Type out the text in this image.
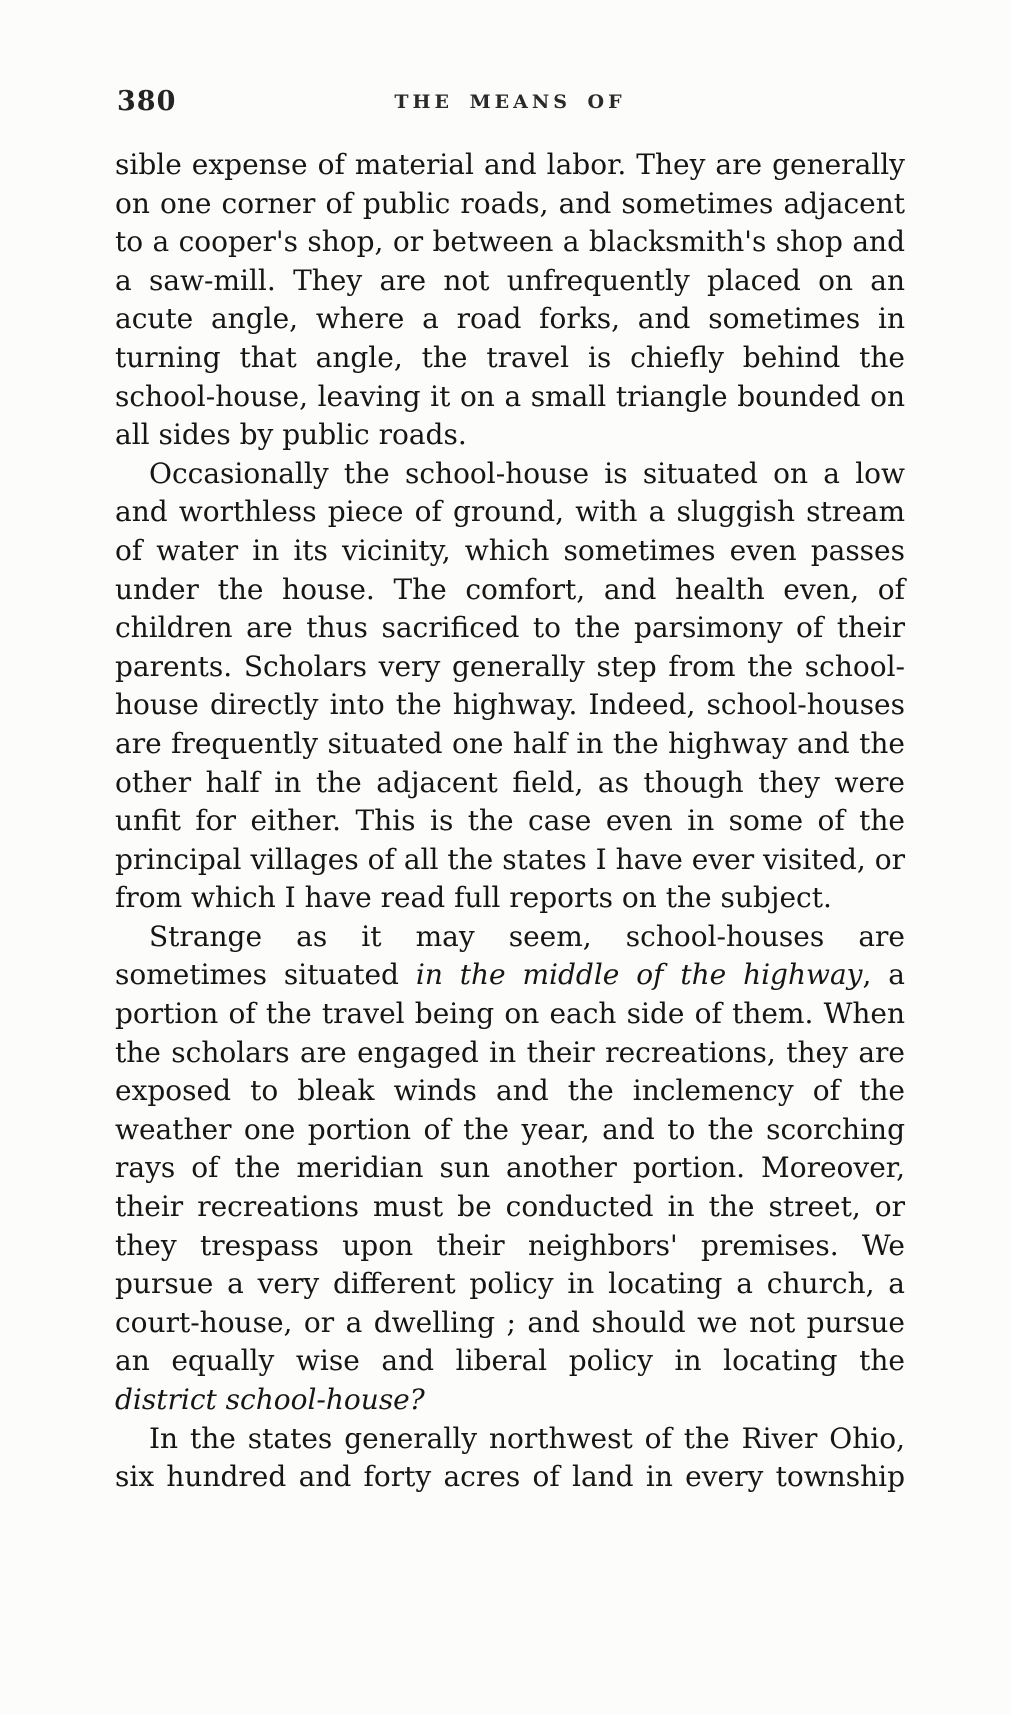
380	THE MEANS OF
sible expense of material and labor. They are generally on one corner of public roads, and sometimes adjacent to a cooper's shop, or between a blacksmith's shop and a saw-mill. They are not unfrequently placed on an acute angle, where a road forks, and sometimes in turning that angle, the travel is chiefly behind the school-house, leaving it on a small triangle bounded on all sides by public roads.
Occasionally the school-house is situated on a low and worthless piece of ground, with a sluggish stream of water in its vicinity, which sometimes even passes under the house. The comfort, and health even, of children are thus sacrificed to the parsimony of their parents. Scholars very generally step from the school-house directly into the highway. Indeed, school-houses are frequently situated one half in the highway and the other half in the adjacent field, as though they were unfit for either. This is the case even in some of the principal villages of all the states I have ever visited, or from which I have read full reports on the subject.
Strange as it may seem, school-houses are sometimes situated in the middle of the highway, a portion of the travel being on each side of them. When the scholars are engaged in their recreations, they are exposed to bleak winds and the inclemency of the weather one portion of the year, and to the scorching rays of the meridian sun another portion. Moreover, their recreations must be conducted in the street, or they trespass upon their neighbors' premises. We pursue a very different policy in locating a church, a court-house, or a dwelling ; and should we not pursue an equally wise and liberal policy in locating the district school-house?
In the states generally northwest of the River Ohio, six hundred and forty acres of land in every township
